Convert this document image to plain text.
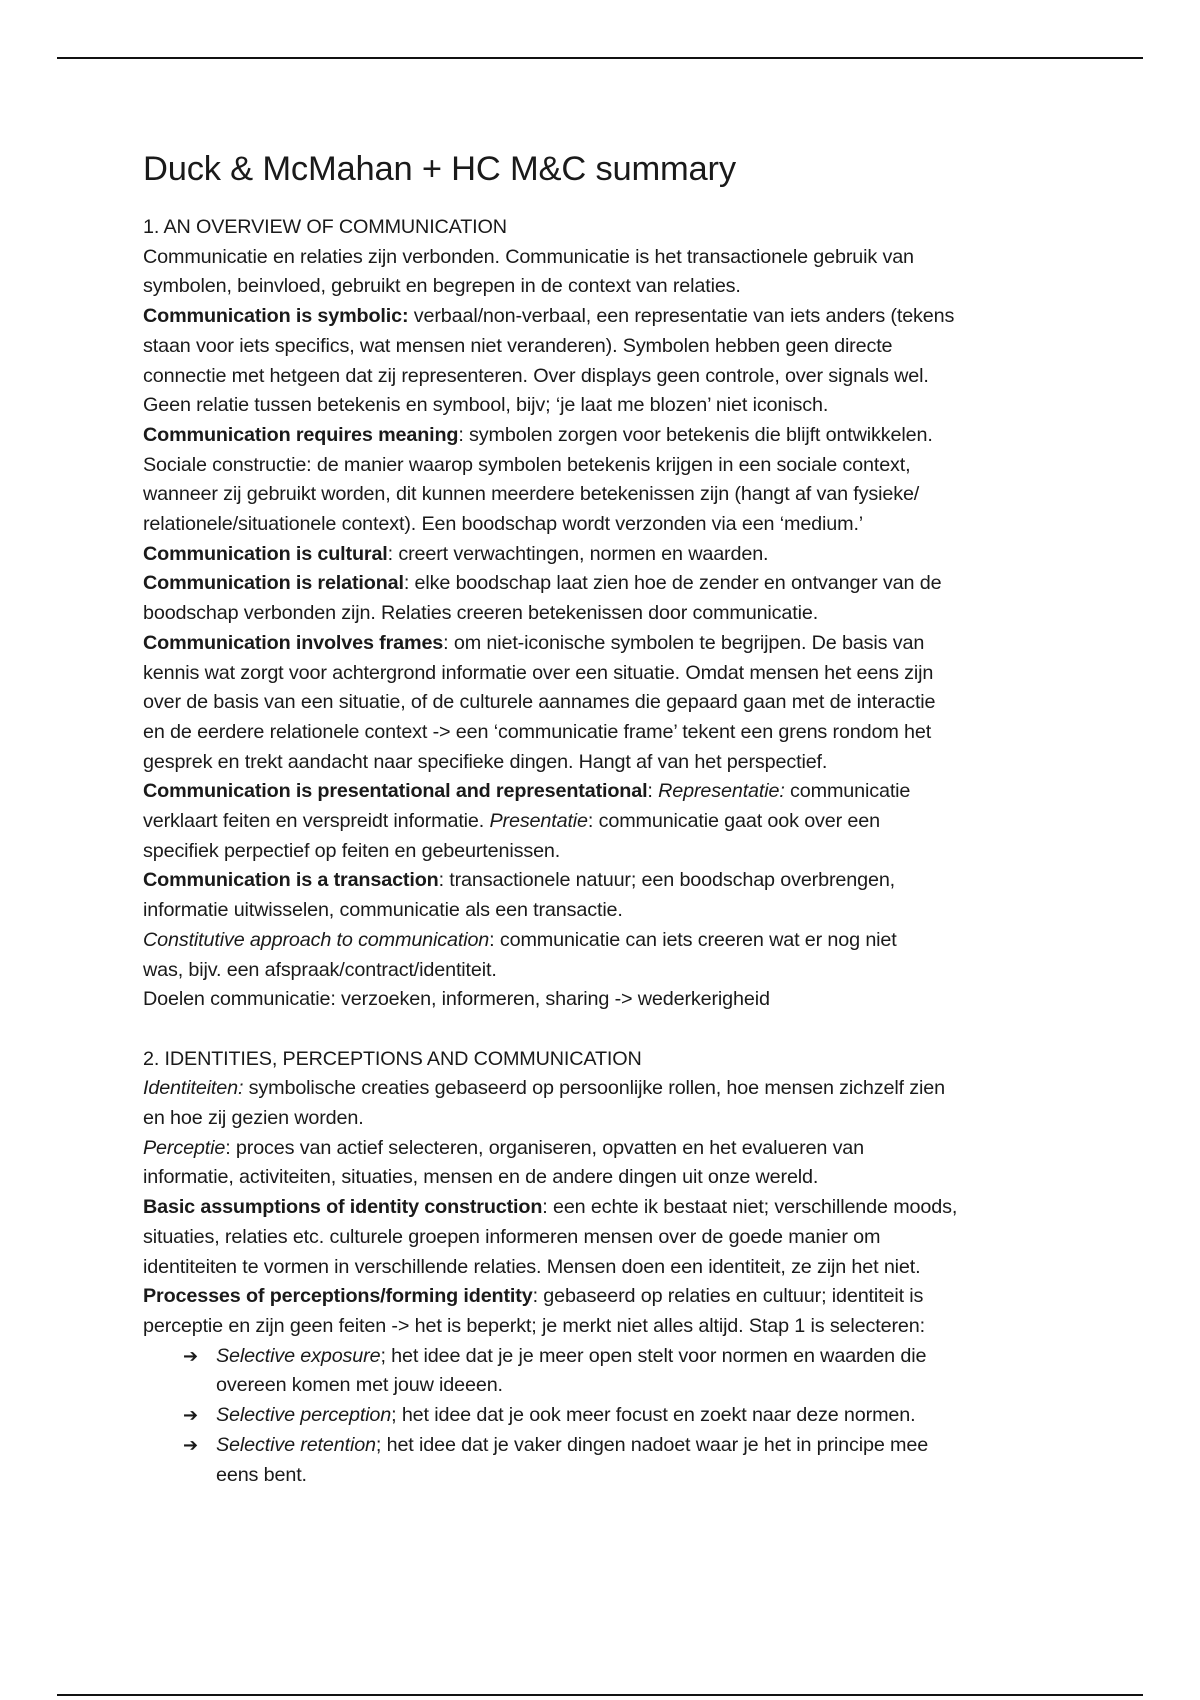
Duck & McMahan + HC M&C summary

1. AN OVERVIEW OF COMMUNICATION

Communicatie en relaties zijn verbonden. Communicatie is het transactionele gebruik van

symbolen, beinvloed, gebruikt en begrepen in de context van relaties.

Communication is symbolic: verbaal/non-verbaal, een representatie van iets anders (tekens

staan voor iets specifics, wat mensen niet veranderen). Symbolen hebben geen directe

connectie met hetgeen dat zij representeren. Over displays geen controle, over signals wel.

Geen relatie tussen betekenis en symbool, bijv; ‘je laat me blozen’ niet iconisch.

Communication requires meaning: symbolen zorgen voor betekenis die blijft ontwikkelen.

Sociale constructie: de manier waarop symbolen betekenis krijgen in een sociale context,

wanneer zij gebruikt worden, dit kunnen meerdere betekenissen zijn (hangt af van fysieke/

relationele/situationele context). Een boodschap wordt verzonden via een ‘medium.’

Communication is cultural: creert verwachtingen, normen en waarden.

Communication is relational: elke boodschap laat zien hoe de zender en ontvanger van de

boodschap verbonden zijn. Relaties creeren betekenissen door communicatie.

Communication involves frames: om niet-iconische symbolen te begrijpen. De basis van

kennis wat zorgt voor achtergrond informatie over een situatie. Omdat mensen het eens zijn

over de basis van een situatie, of de culturele aannames die gepaard gaan met de interactie

en de eerdere relationele context -> een ‘communicatie frame’ tekent een grens rondom het

gesprek en trekt aandacht naar specifieke dingen. Hangt af van het perspectief.

Communication is presentational and representational: Representatie: communicatie

verklaart feiten en verspreidt informatie. Presentatie: communicatie gaat ook over een

specifiek perpectief op feiten en gebeurtenissen.

Communication is a transaction: transactionele natuur; een boodschap overbrengen,

informatie uitwisselen, communicatie als een transactie.

Constitutive approach to communication: communicatie can iets creeren wat er nog niet

was, bijv. een afspraak/contract/identiteit.

Doelen communicatie: verzoeken, informeren, sharing -> wederkerigheid

2. IDENTITIES, PERCEPTIONS AND COMMUNICATION

Identiteiten: symbolische creaties gebaseerd op persoonlijke rollen, hoe mensen zichzelf zien

en hoe zij gezien worden.

Perceptie: proces van actief selecteren, organiseren, opvatten en het evalueren van

informatie, activiteiten, situaties, mensen en de andere dingen uit onze wereld.

Basic assumptions of identity construction: een echte ik bestaat niet; verschillende moods,

situaties, relaties etc. culturele groepen informeren mensen over de goede manier om

identiteiten te vormen in verschillende relaties. Mensen doen een identiteit, ze zijn het niet.

Processes of perceptions/forming identity: gebaseerd op relaties en cultuur; identiteit is

perceptie en zijn geen feiten -> het is beperkt; je merkt niet alles altijd. Stap 1 is selecteren:

➔ Selective exposure; het idee dat je je meer open stelt voor normen en waarden die
overeen komen met jouw ideeen.
➔ Selective perception; het idee dat je ook meer focust en zoekt naar deze normen.
➔ Selective retention; het idee dat je vaker dingen nadoet waar je het in principe mee
eens bent.
